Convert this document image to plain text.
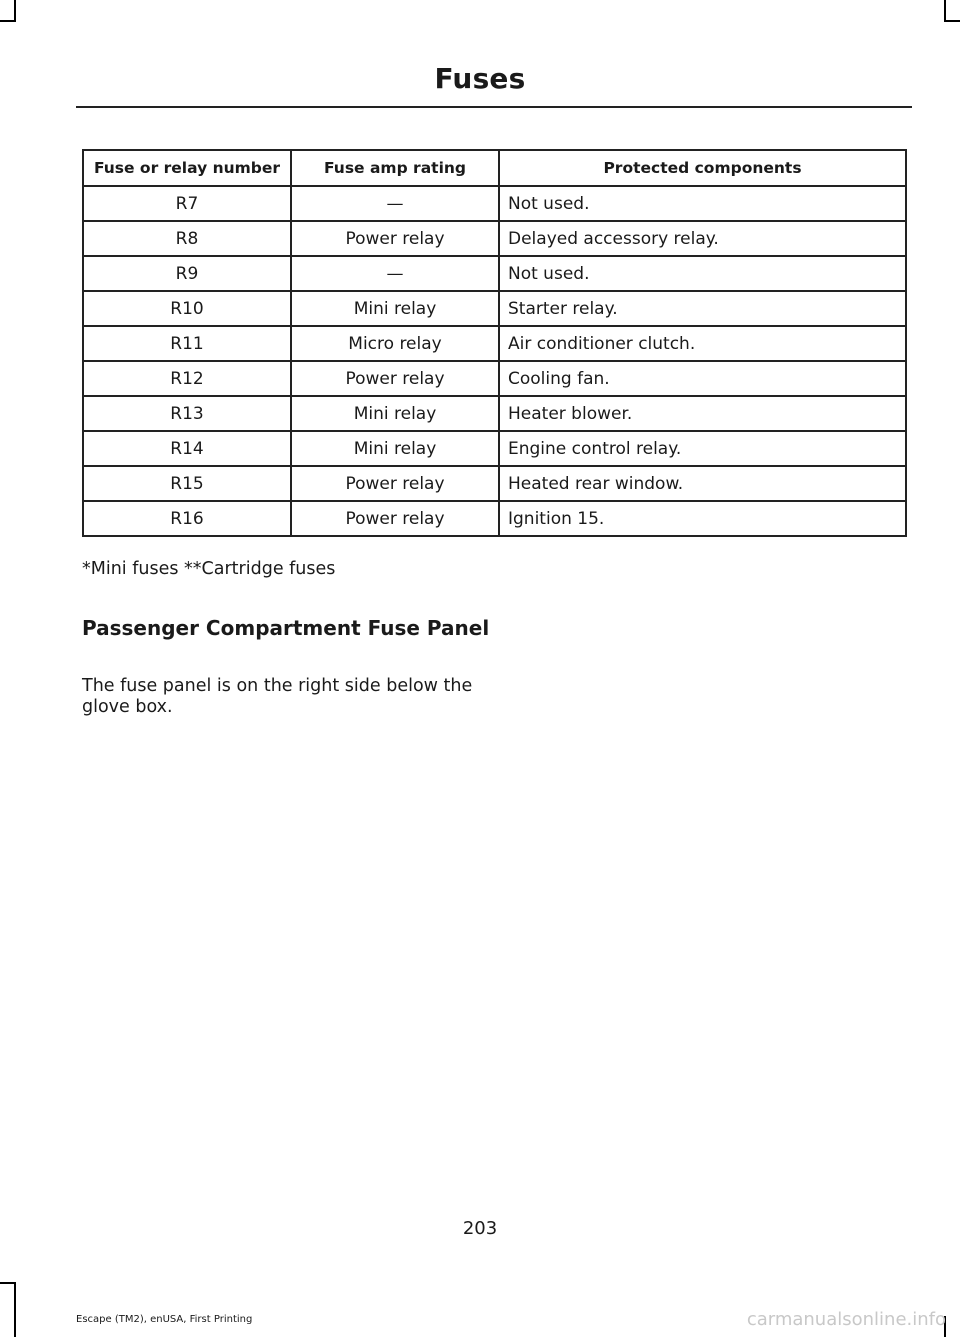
Fuses
Fuse or relay number	Fuse amp rating	Protected components
R7	—	Not used.
R8	Power relay	Delayed accessory relay.
R9	—	Not used.
R10	Mini relay	Starter relay.
R11	Micro relay	Air conditioner clutch.
R12	Power relay	Cooling fan.
R13	Mini relay	Heater blower.
R14	Mini relay	Engine control relay.
R15	Power relay	Heated rear window.
R16	Power relay	Ignition 15.
*Mini fuses **Cartridge fuses
Passenger Compartment Fuse Panel
The fuse panel is on the right side below the glove box.
203
Escape (TM2), enUSA, First Printing	carmanualsonline.info
